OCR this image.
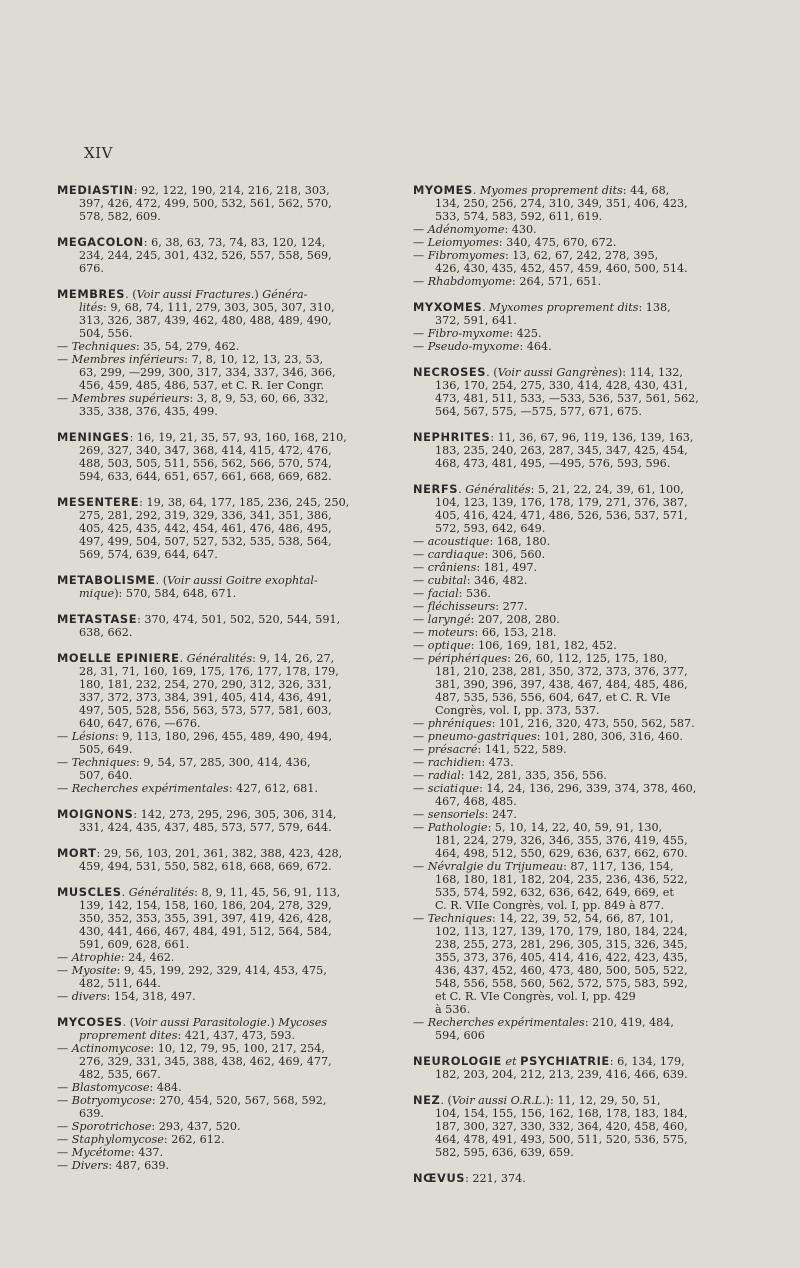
XIV
MEDIASTIN: 92, 122, 190, 214, 216, 218, 303,
397, 426, 472, 499, 500, 532, 561, 562, 570,
578, 582, 609.
MEGACOLON: 6, 38, 63, 73, 74, 83, 120, 124,
234, 244, 245, 301, 432, 526, 557, 558, 569,
676.
MEMBRES. (Voir aussi Fractures.) Généra-
lités: 9, 68, 74, 111, 279, 303, 305, 307, 310,
313, 326, 387, 439, 462, 480, 488, 489, 490,
504, 556.
— Techniques: 35, 54, 279, 462.
— Membres inférieurs: 7, 8, 10, 12, 13, 23, 53,
63, 299, —299, 300, 317, 334, 337, 346, 366,
456, 459, 485, 486, 537, et C. R. Ier Congr.
— Membres supérieurs: 3, 8, 9, 53, 60, 66, 332,
335, 338, 376, 435, 499.
MENINGES: 16, 19, 21, 35, 57, 93, 160, 168, 210,
269, 327, 340, 347, 368, 414, 415, 472, 476,
488, 503, 505, 511, 556, 562, 566, 570, 574,
594, 633, 644, 651, 657, 661, 668, 669, 682.
MESENTERE: 19, 38, 64, 177, 185, 236, 245, 250,
275, 281, 292, 319, 329, 336, 341, 351, 386,
405, 425, 435, 442, 454, 461, 476, 486, 495,
497, 499, 504, 507, 527, 532, 535, 538, 564,
569, 574, 639, 644, 647.
METABOLISME. (Voir aussi Goitre exophtal-
mique): 570, 584, 648, 671.
METASTASE: 370, 474, 501, 502, 520, 544, 591,
638, 662.
MOELLE EPINIERE. Généralités: 9, 14, 26, 27,
28, 31, 71, 160, 169, 175, 176, 177, 178, 179,
180, 181, 232, 254, 270, 290, 312, 326, 331,
337, 372, 373, 384, 391, 405, 414, 436, 491,
497, 505, 528, 556, 563, 573, 577, 581, 603,
640, 647, 676, —676.
— Lésions: 9, 113, 180, 296, 455, 489, 490, 494,
505, 649.
— Techniques: 9, 54, 57, 285, 300, 414, 436,
507, 640.
— Recherches expérimentales: 427, 612, 681.
MOIGNONS: 142, 273, 295, 296, 305, 306, 314,
331, 424, 435, 437, 485, 573, 577, 579, 644.
MORT: 29, 56, 103, 201, 361, 382, 388, 423, 428,
459, 494, 531, 550, 582, 618, 668, 669, 672.
MUSCLES. Généralités: 8, 9, 11, 45, 56, 91, 113,
139, 142, 154, 158, 160, 186, 204, 278, 329,
350, 352, 353, 355, 391, 397, 419, 426, 428,
430, 441, 466, 467, 484, 491, 512, 564, 584,
591, 609, 628, 661.
— Atrophie: 24, 462.
— Myosite: 9, 45, 199, 292, 329, 414, 453, 475,
482, 511, 644.
— divers: 154, 318, 497.
MYCOSES. (Voir aussi Parasitologie.) Mycoses
proprement dites: 421, 437, 473, 593.
— Actinomycose: 10, 12, 79, 95, 100, 217, 254,
276, 329, 331, 345, 388, 438, 462, 469, 477,
482, 535, 667.
— Blastomycose: 484.
— Botryomycose: 270, 454, 520, 567, 568, 592,
639.
— Sporotrichose: 293, 437, 520.
— Staphylomycose: 262, 612.
— Mycétome: 437.
— Divers: 487, 639.
MYOMES. Myomes proprement dits: 44, 68,
134, 250, 256, 274, 310, 349, 351, 406, 423,
533, 574, 583, 592, 611, 619.
— Adénomyome: 430.
— Leiomyomes: 340, 475, 670, 672.
— Fibromyomes: 13, 62, 67, 242, 278, 395,
426, 430, 435, 452, 457, 459, 460, 500, 514.
— Rhabdomyome: 264, 571, 651.
MYXOMES. Myxomes proprement dits: 138,
372, 591, 641.
— Fibro-myxome: 425.
— Pseudo-myxome: 464.
NECROSES. (Voir aussi Gangrènes): 114, 132,
136, 170, 254, 275, 330, 414, 428, 430, 431,
473, 481, 511, 533, —533, 536, 537, 561, 562,
564, 567, 575, —575, 577, 671, 675.
NEPHRITES: 11, 36, 67, 96, 119, 136, 139, 163,
183, 235, 240, 263, 287, 345, 347, 425, 454,
468, 473, 481, 495, —495, 576, 593, 596.
NERFS. Généralités: 5, 21, 22, 24, 39, 61, 100,
104, 123, 139, 176, 178, 179, 271, 376, 387,
405, 416, 424, 471, 486, 526, 536, 537, 571,
572, 593, 642, 649.
— acoustique: 168, 180.
— cardiaque: 306, 560.
— crâniens: 181, 497.
— cubital: 346, 482.
— facial: 536.
— fléchisseurs: 277.
— laryngé: 207, 208, 280.
— moteurs: 66, 153, 218.
— optique: 106, 169, 181, 182, 452.
— périphériques: 26, 60, 112, 125, 175, 180,
181, 210, 238, 281, 350, 372, 373, 376, 377,
381, 390, 396, 397, 438, 467, 484, 485, 486,
487, 535, 536, 556, 604, 647, et C. R. VIe
Congrès, vol. I, pp. 373, 537.
— phréniques: 101, 216, 320, 473, 550, 562, 587.
— pneumo-gastriques: 101, 280, 306, 316, 460.
— présacré: 141, 522, 589.
— rachidien: 473.
— radial: 142, 281, 335, 356, 556.
— sciatique: 14, 24, 136, 296, 339, 374, 378, 460,
467, 468, 485.
— sensoriels: 247.
— Pathologie: 5, 10, 14, 22, 40, 59, 91, 130,
181, 224, 279, 326, 346, 355, 376, 419, 455,
464, 498, 512, 550, 629, 636, 637, 662, 670.
— Névralgie du Trijumeau: 87, 117, 136, 154,
168, 180, 181, 182, 204, 235, 236, 436, 522,
535, 574, 592, 632, 636, 642, 649, 669, et
C. R. VIIe Congrès, vol. I, pp. 849 à 877.
— Techniques: 14, 22, 39, 52, 54, 66, 87, 101,
102, 113, 127, 139, 170, 179, 180, 184, 224,
238, 255, 273, 281, 296, 305, 315, 326, 345,
355, 373, 376, 405, 414, 416, 422, 423, 435,
436, 437, 452, 460, 473, 480, 500, 505, 522,
548, 556, 558, 560, 562, 572, 575, 583, 592,
et C. R. VIe Congrès, vol. I, pp. 429
à 536.
— Recherches expérimentales: 210, 419, 484,
594, 606
NEUROLOGIE et PSYCHIATRIE: 6, 134, 179,
182, 203, 204, 212, 213, 239, 416, 466, 639.
NEZ. (Voir aussi O.R.L.): 11, 12, 29, 50, 51,
104, 154, 155, 156, 162, 168, 178, 183, 184,
187, 300, 327, 330, 332, 364, 420, 458, 460,
464, 478, 491, 493, 500, 511, 520, 536, 575,
582, 595, 636, 639, 659.
NŒVUS: 221, 374.
